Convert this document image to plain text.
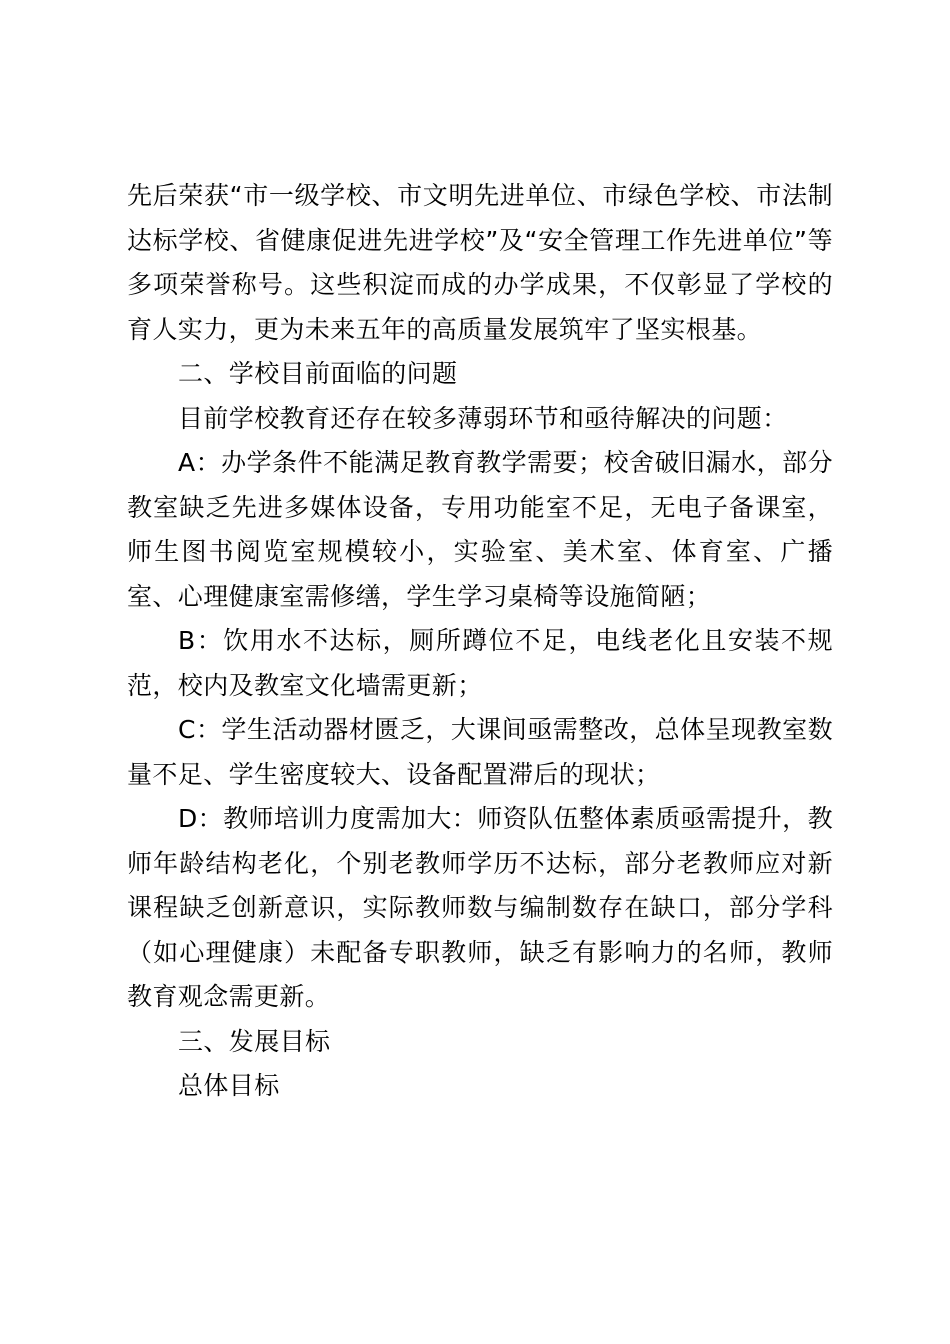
先后荣获“市一级学校、市文明先进单位、市绿色学校、市法制达标学校、省健康促进先进学校”及“安全管理工作先进单位”等多项荣誉称号。这些积淀而成的办学成果，不仅彰显了学校的育人实力，更为未来五年的高质量发展筑牢了坚实根基。

二、学校目前面临的问题

目前学校教育还存在较多薄弱环节和亟待解决的问题：

A：办学条件不能满足教育教学需要；校舍破旧漏水，部分教室缺乏先进多媒体设备，专用功能室不足，无电子备课室，师生图书阅览室规模较小，实验室、美术室、体育室、广播室、心理健康室需修缮，学生学习桌椅等设施简陋；

B：饮用水不达标，厕所蹲位不足，电线老化且安装不规范，校内及教室文化墙需更新；

C：学生活动器材匮乏，大课间亟需整改，总体呈现教室数量不足、学生密度较大、设备配置滞后的现状；

D：教师培训力度需加大：师资队伍整体素质亟需提升，教师年龄结构老化，个别老教师学历不达标，部分老教师应对新课程缺乏创新意识，实际教师数与编制数存在缺口，部分学科（如心理健康）未配备专职教师，缺乏有影响力的名师，教师教育观念需更新。

三、发展目标

总体目标
